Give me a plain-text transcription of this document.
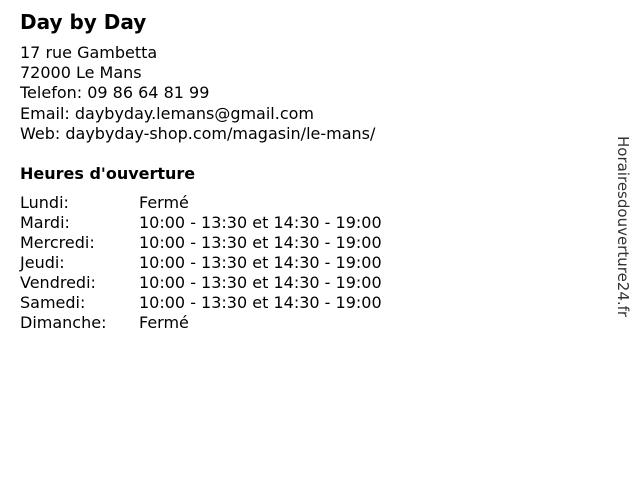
Day by Day
17 rue Gambetta
72000 Le Mans
Telefon: 09 86 64 81 99
Email: daybyday.lemans@gmail.com
Web: daybyday-shop.com/magasin/le-mans/
Heures d'ouverture
Lundi:	Fermé
Mardi:	10:00 - 13:30 et 14:30 - 19:00
Mercredi:	10:00 - 13:30 et 14:30 - 19:00
Jeudi:	10:00 - 13:30 et 14:30 - 19:00
Vendredi:	10:00 - 13:30 et 14:30 - 19:00
Samedi:	10:00 - 13:30 et 14:30 - 19:00
Dimanche:	Fermé
Horairesdouverture24.fr
